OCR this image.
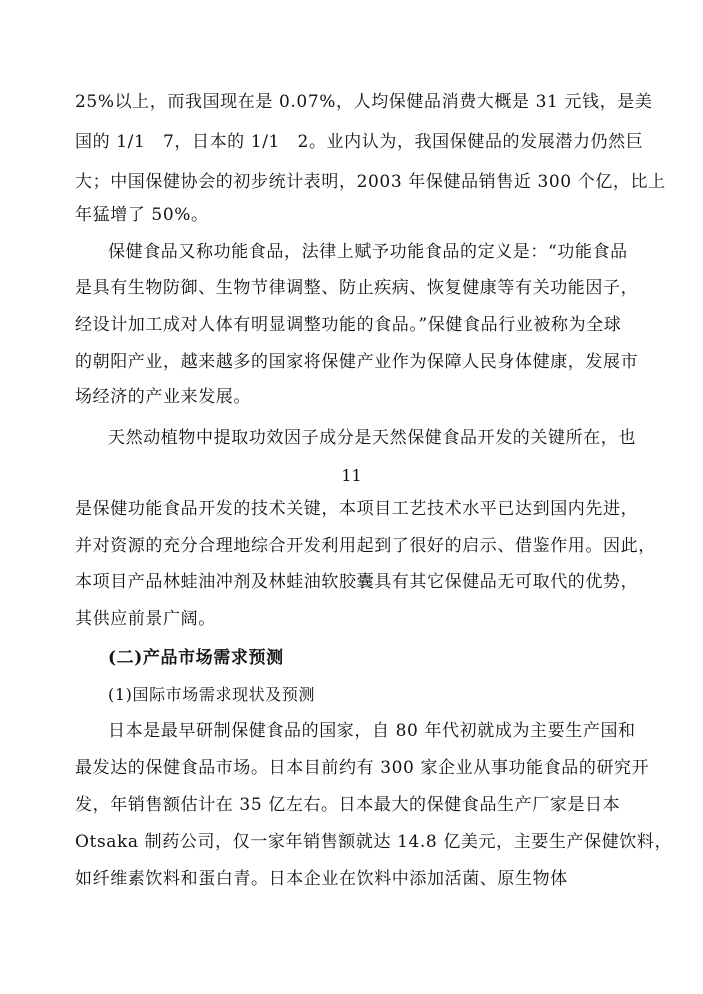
25%以上，而我国现在是 0.07%，人均保健品消费大概是 31 元钱，是美
国的 1/1　7，日本的 1/1　2。业内认为，我国保健品的发展潜力仍然巨
大；中国保健协会的初步统计表明，2003 年保健品销售近 300 个亿，比上
年猛增了 50%。
保健食品又称功能食品，法律上赋予功能食品的定义是：“功能食品
是具有生物防御、生物节律调整、防止疾病、恢复健康等有关功能因子，
经设计加工成对人体有明显调整功能的食品。”保健食品行业被称为全球
的朝阳产业，越来越多的国家将保健产业作为保障人民身体健康，发展市
场经济的产业来发展。
天然动植物中提取功效因子成分是天然保健食品开发的关键所在，也
11
是保健功能食品开发的技术关键，本项目工艺技术水平已达到国内先进，
并对资源的充分合理地综合开发利用起到了很好的启示、借鉴作用。因此，
本项目产品林蛙油冲剂及林蛙油软胶囊具有其它保健品无可取代的优势，
其供应前景广阔。
(二)产品市场需求预测
(1)国际市场需求现状及预测
日本是最早研制保健食品的国家，自 80 年代初就成为主要生产国和
最发达的保健食品市场。日本目前约有 300 家企业从事功能食品的研究开
发，年销售额估计在 35 亿左右。日本最大的保健食品生产厂家是日本
Otsaka 制药公司，仅一家年销售额就达 14.8 亿美元，主要生产保健饮料，
如纤维素饮料和蛋白青。日本企业在饮料中添加活菌、原生物体
